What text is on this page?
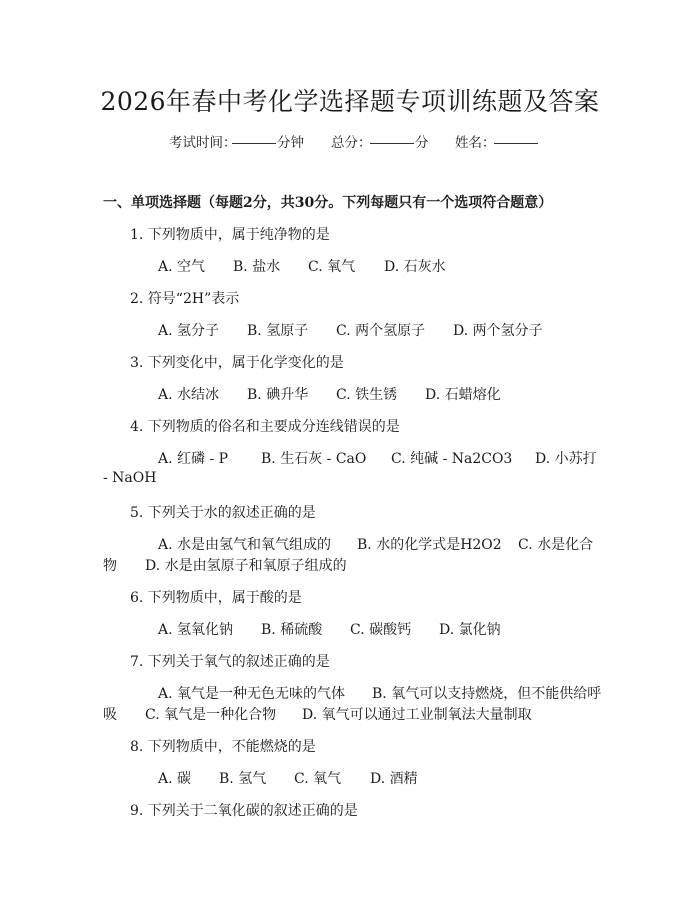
2026年春中考化学选择题专项训练题及答案
考试时间：	分钟 总分：	分 姓名：
一、单项选择题（每题2分，共30分。下列每题只有一个选项符合题意）
1. 下列物质中，属于纯净物的是
A. 空气 B. 盐水 C. 氧气 D. 石灰水
2. 符号“2H”表示
A. 氢分子 B. 氢原子 C. 两个氢原子 D. 两个氢分子
3. 下列变化中，属于化学变化的是
A. 水结冰 B. 碘升华 C. 铁生锈 D. 石蜡熔化
4. 下列物质的俗名和主要成分连线错误的是
A. 红磷 - P B. 生石灰 - CaO C. 纯碱 - Na2CO3 D. 小苏打
- NaOH
5. 下列关于水的叙述正确的是
A. 水是由氢气和氧气组成的 B. 水的化学式是H2O2 C. 水是化合
物 D. 水是由氢原子和氧原子组成的
6. 下列物质中，属于酸的是
A. 氢氧化钠 B. 稀硫酸 C. 碳酸钙 D. 氯化钠
7. 下列关于氧气的叙述正确的是
A. 氧气是一种无色无味的气体 B. 氧气可以支持燃烧，但不能供给呼
吸 C. 氧气是一种化合物 D. 氧气可以通过工业制氧法大量制取
8. 下列物质中，不能燃烧的是
A. 碳 B. 氢气 C. 氧气 D. 酒精
9. 下列关于二氧化碳的叙述正确的是
